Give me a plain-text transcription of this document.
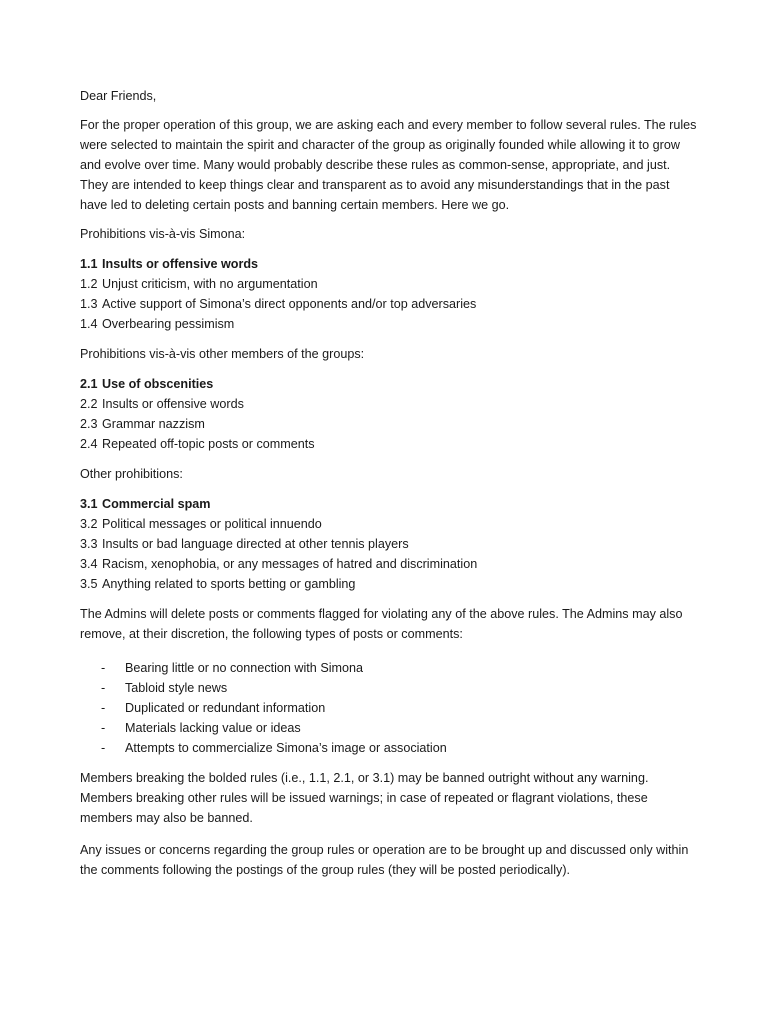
Dear Friends,

For the proper operation of this group, we are asking each and every member to follow several rules. The rules were selected to maintain the spirit and character of the group as originally founded while allowing it to grow and evolve over time. Many would probably describe these rules as common-sense, appropriate, and just. They are intended to keep things clear and transparent as to avoid any misunderstandings that in the past have led to deleting certain posts and banning certain members. Here we go.

Prohibitions vis-à-vis Simona:

1.1 Insults or offensive words
1.2 Unjust criticism, with no argumentation
1.3 Active support of Simona’s direct opponents and/or top adversaries
1.4 Overbearing pessimism

Prohibitions vis-à-vis other members of the groups:

2.1 Use of obscenities
2.2 Insults or offensive words
2.3 Grammar nazzism
2.4 Repeated off-topic posts or comments

Other prohibitions:

3.1 Commercial spam
3.2 Political messages or political innuendo
3.3 Insults or bad language directed at other tennis players
3.4 Racism, xenophobia, or any messages of hatred and discrimination
3.5 Anything related to sports betting or gambling

The Admins will delete posts or comments flagged for violating any of the above rules. The Admins may also remove, at their discretion, the following types of posts or comments:

-	Bearing little or no connection with Simona
-	Tabloid style news
-	Duplicated or redundant information
-	Materials lacking value or ideas
-	Attempts to commercialize Simona’s image or association

Members breaking the bolded rules (i.e., 1.1, 2.1, or 3.1) may be banned outright without any warning. Members breaking other rules will be issued warnings; in case of repeated or flagrant violations, these members may also be banned.

Any issues or concerns regarding the group rules or operation are to be brought up and discussed only within the comments following the postings of the group rules (they will be posted periodically).
